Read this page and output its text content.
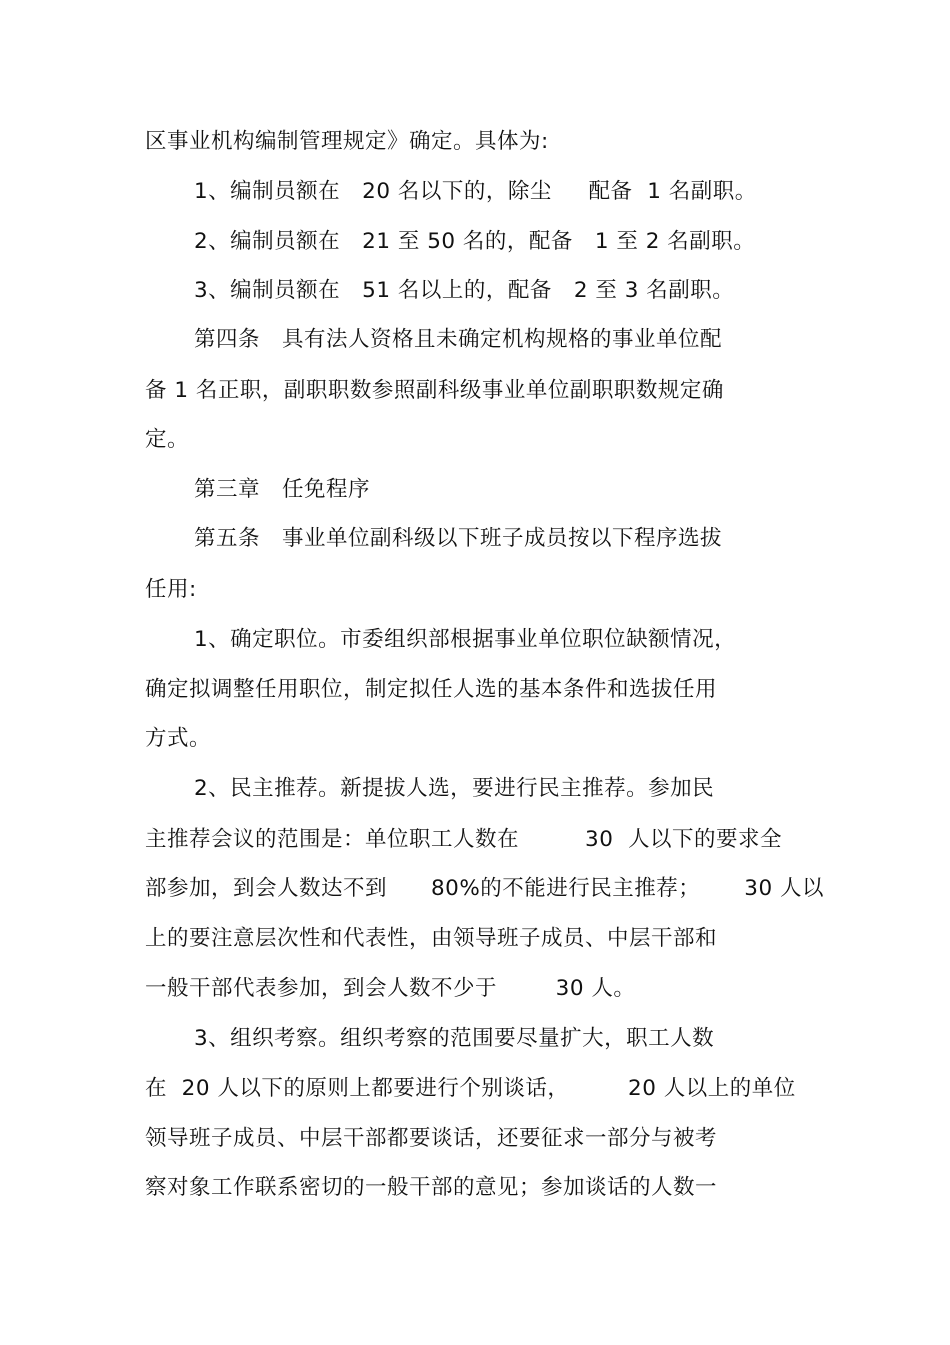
区事业机构编制管理规定》确定。具体为:
1、编制员额在   20 名以下的，除尘     配备  1 名副职。
2、编制员额在   21 至 50 名的，配备   1 至 2 名副职。
3、编制员额在   51 名以上的，配备   2 至 3 名副职。
第四条   具有法人资格且未确定机构规格的事业单位配
备 1 名正职，副职职数参照副科级事业单位副职职数规定确
定。
第三章   任免程序
第五条   事业单位副科级以下班子成员按以下程序选拔
任用:
1、确定职位。市委组织部根据事业单位职位缺额情况，
确定拟调整任用职位，制定拟任人选的基本条件和选拔任用
方式。
2、民主推荐。新提拔人选，要进行民主推荐。参加民
主推荐会议的范围是：单位职工人数在         30  人以下的要求全
部参加，到会人数达不到      80%的不能进行民主推荐；      30 人以
上的要注意层次性和代表性，由领导班子成员、中层干部和
一般干部代表参加，到会人数不少于        30 人。
3、组织考察。组织考察的范围要尽量扩大，职工人数
在  20 人以下的原则上都要进行个别谈话，        20 人以上的单位
领导班子成员、中层干部都要谈话，还要征求一部分与被考
察对象工作联系密切的一般干部的意见；参加谈话的人数一
